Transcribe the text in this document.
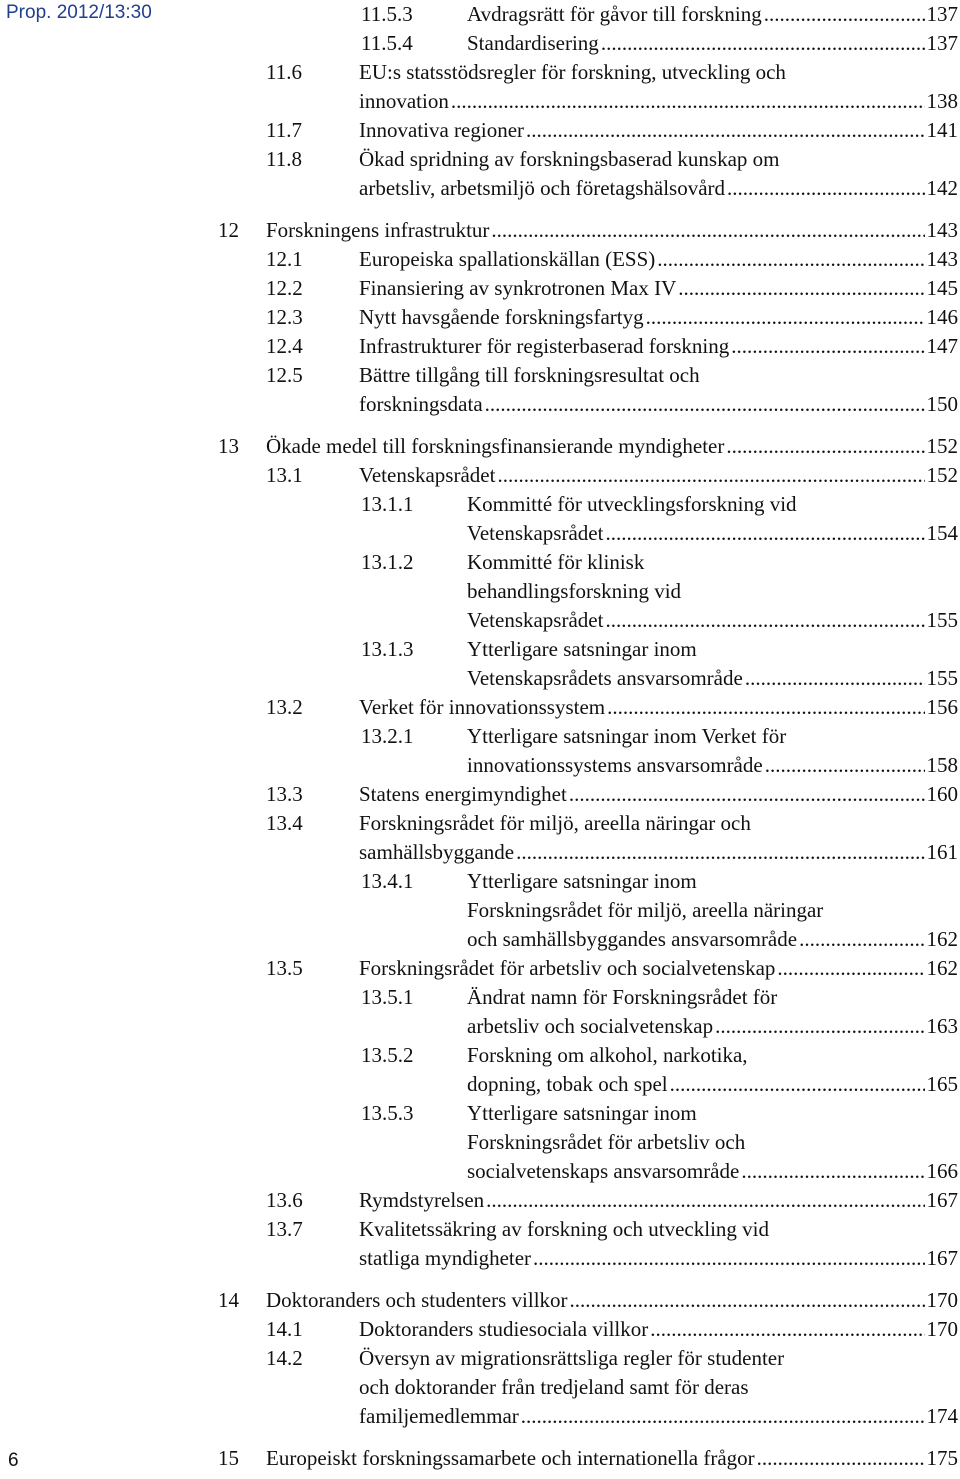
Prop. 2012/13:30
6
11.5.3	Avdragsrätt för gåvor till forskning .....	137
11.5.4	Standardisering .....	137
11.6	EU:s statsstödsregler för forskning, utveckling och
innovation .....	138
11.7	Innovativa regioner .....	141
11.8	Ökad spridning av forskningsbaserad kunskap om
arbetsliv, arbetsmiljö och företagshälsovård .....	142
12 Forskningens infrastruktur .....	143
12.1	Europeiska spallationskällan (ESS) .....	143
12.2	Finansiering av synkrotronen Max IV .....	145
12.3	Nytt havsgående forskningsfartyg .....	146
12.4	Infrastrukturer för registerbaserad forskning .....	147
12.5	Bättre tillgång till forskningsresultat och
forskningsdata .....	150
13 Ökade medel till forskningsfinansierande myndigheter .....	152
13.1	Vetenskapsrådet .....	152
13.1.1	Kommitté för utvecklingsforskning vid
Vetenskapsrådet .....	154
13.1.2	Kommitté för klinisk
behandlingsforskning vid
Vetenskapsrådet .....	155
13.1.3	Ytterligare satsningar inom
Vetenskapsrådets ansvarsområde .....	155
13.2	Verket för innovationssystem .....	156
13.2.1	Ytterligare satsningar inom Verket för
innovationssystems ansvarsområde .....	158
13.3	Statens energimyndighet .....	160
13.4	Forskningsrådet för miljö, areella näringar och
samhällsbyggande .....	161
13.4.1	Ytterligare satsningar inom
Forskningsrådet för miljö, areella näringar
och samhällsbyggandes ansvarsområde .....	162
13.5	Forskningsrådet för arbetsliv och socialvetenskap .....	162
13.5.1	Ändrat namn för Forskningsrådet för
arbetsliv och socialvetenskap .....	163
13.5.2	Forskning om alkohol, narkotika,
dopning, tobak och spel .....	165
13.5.3	Ytterligare satsningar inom
Forskningsrådet för arbetsliv och
socialvetenskaps ansvarsområde .....	166
13.6	Rymdstyrelsen .....	167
13.7	Kvalitetssäkring av forskning och utveckling vid
statliga myndigheter .....	167
14 Doktoranders och studenters villkor .....	170
14.1	Doktoranders studiesociala villkor .....	170
14.2	Översyn av migrationsrättsliga regler för studenter
och doktorander från tredjeland samt för deras
familjemedlemmar .....	174
15 Europeiskt forskningssamarbete och internationella frågor .....	175
